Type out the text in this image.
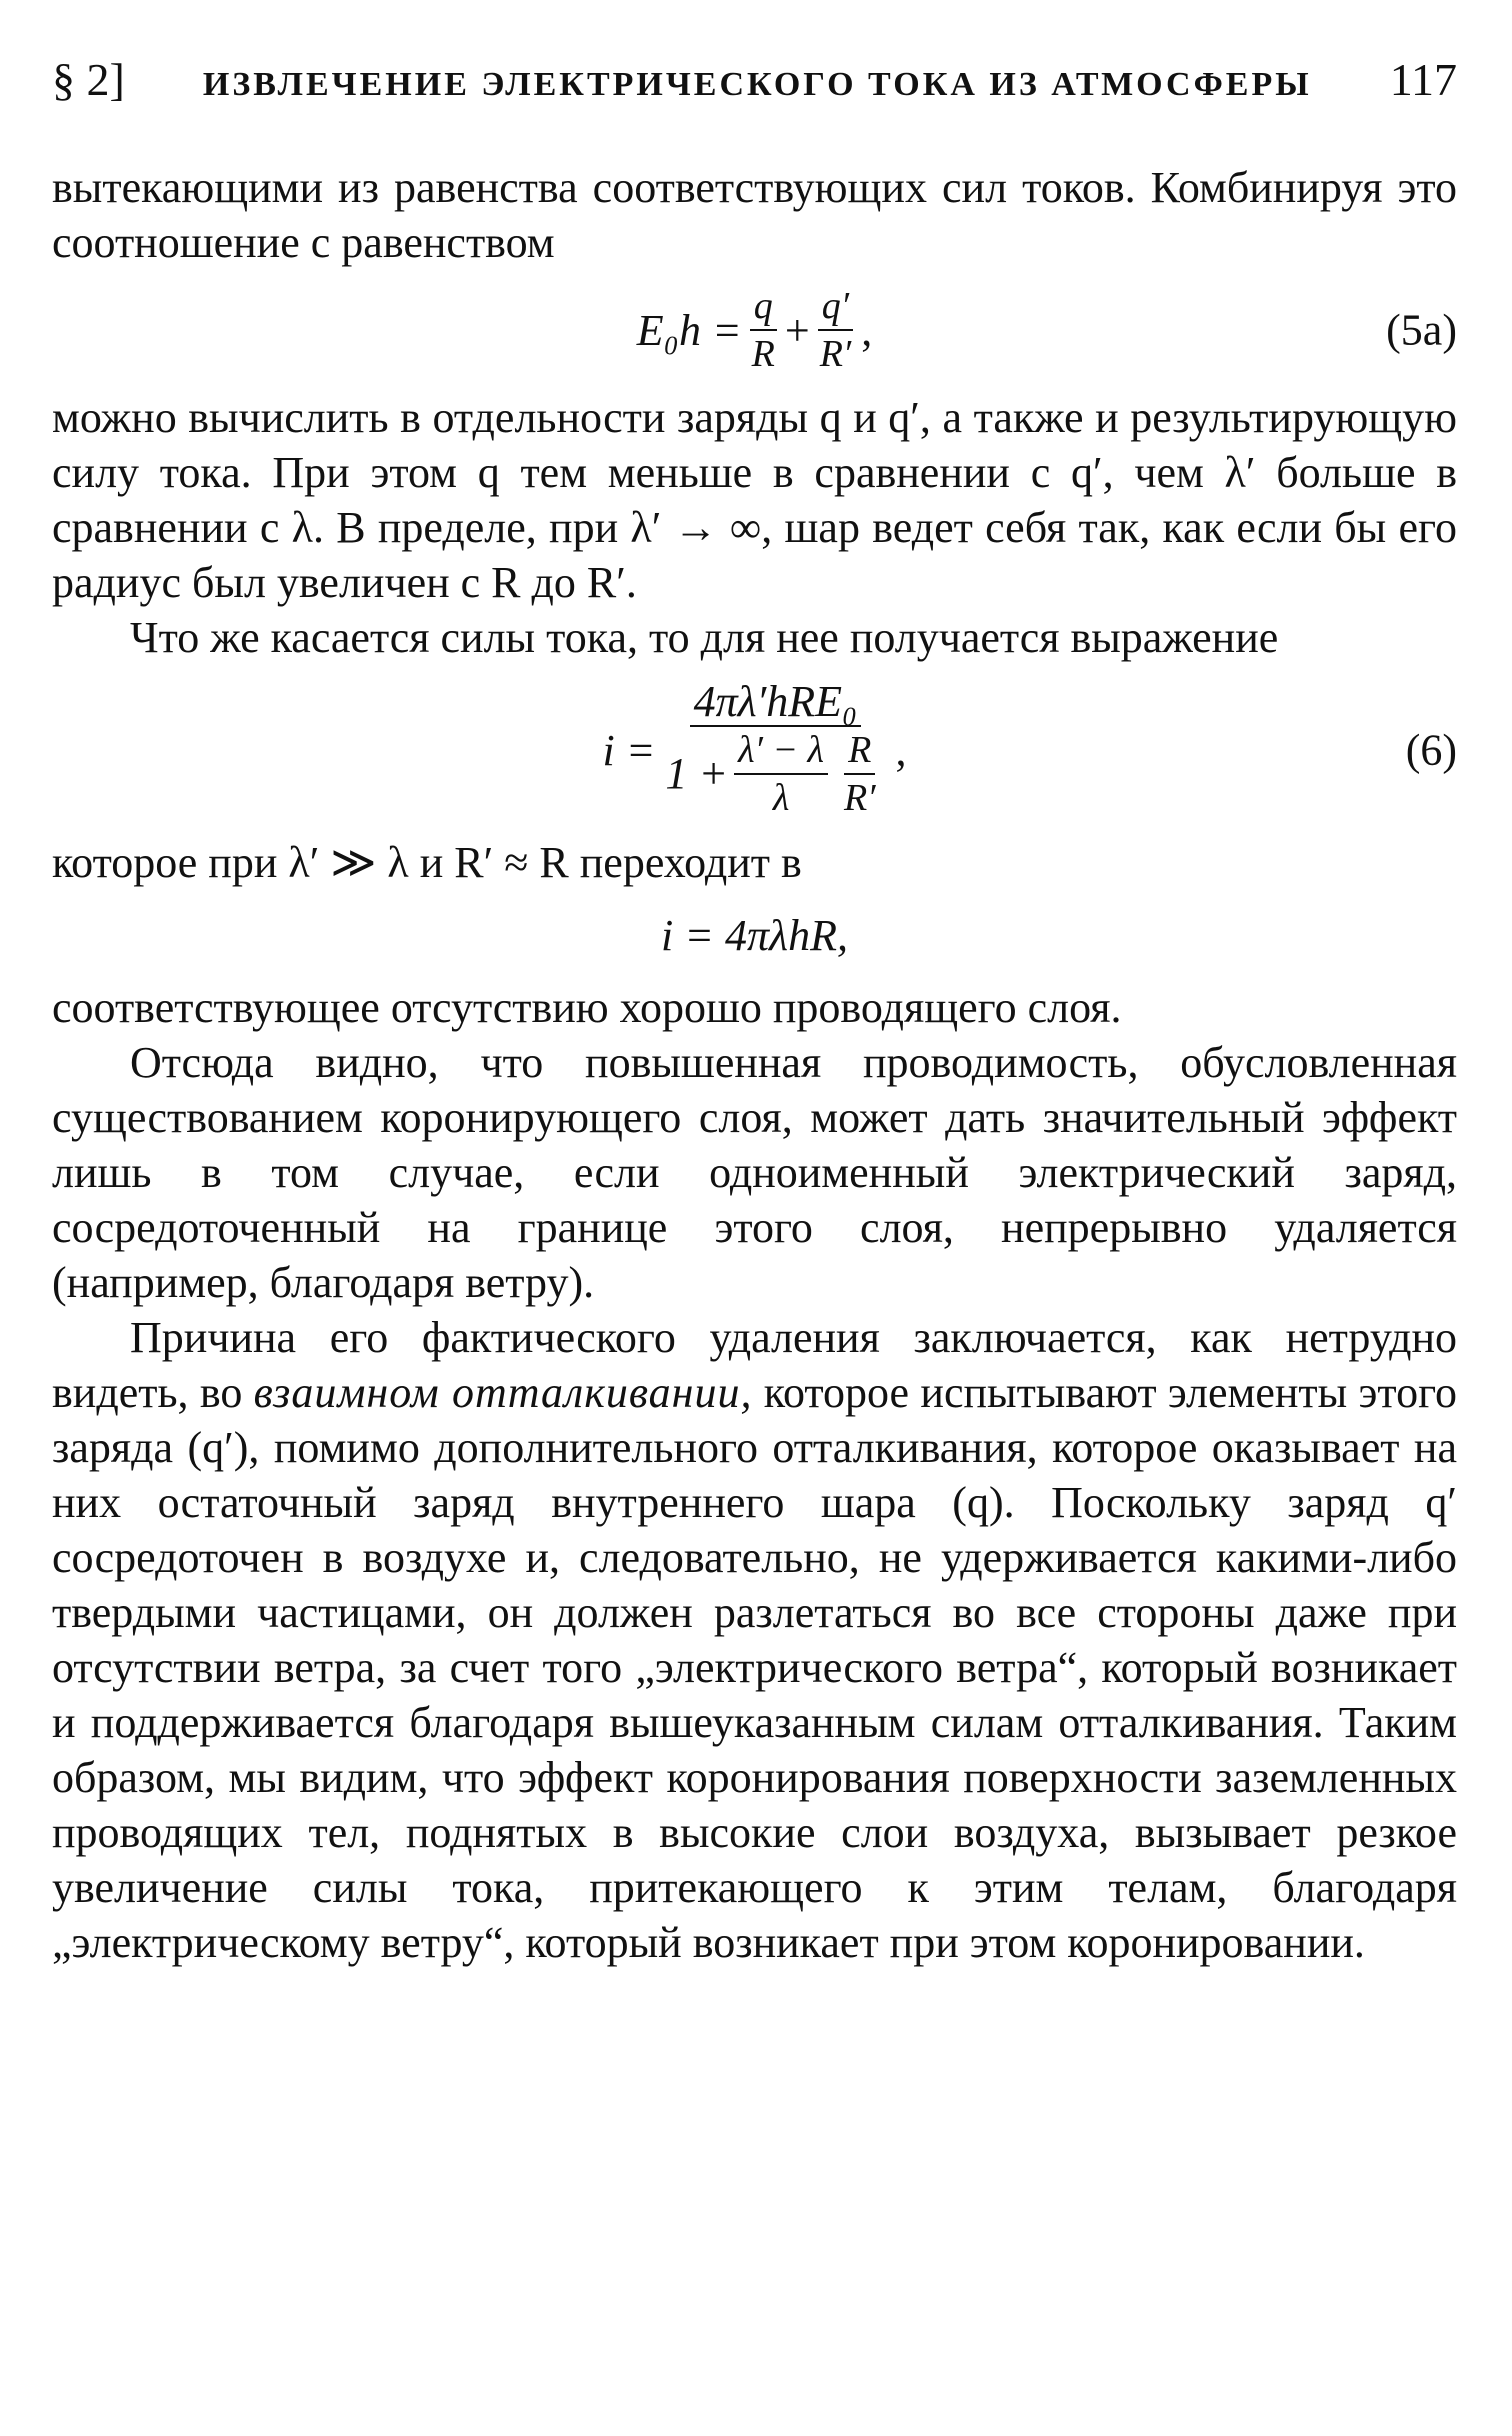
§ 2] ИЗВЛЕЧЕНИЕ ЭЛЕКТРИЧЕСКОГО ТОКА ИЗ АТМОСФЕРЫ 117

вытекающими из равенства соответствующих сил токов. Комбинируя это соотношение с равенством

$E_0h = \frac{q}{R} + \frac{q'}{R'}$ ,	(5а)

можно вычислить в отдельности заряды q и q′, а также и результирующую силу тока. При этом q тем меньше в сравнении с q′, чем λ′ больше в сравнении с λ. В пределе, при λ′ → ∞, шар ведет себя так, как если бы его радиус был увеличен с R до R′.

Что же касается силы тока, то для нее получается выражение

i =
4πλ′hRE₀
$1 + \frac{\lambda' - \lambda}{\lambda} \frac{R}{R'}$ ,	(6)

которое при λ′ ≫ λ и R′ ≈ R переходит в

i = 4πλhR,

соответствующее отсутствию хорошо проводящего слоя.

Отсюда видно, что повышенная проводимость, обусловленная существованием коронирующего слоя, может дать значительный эффект лишь в том случае, если одноименный электрический заряд, сосредоточенный на границе этого слоя, непрерывно удаляется (например, благодаря ветру).

Причина его фактического удаления заключается, как нетрудно видеть, во взаимном отталкивании, которое испытывают элементы этого заряда (q′), помимо дополнительного отталкивания, которое оказывает на них остаточный заряд внутреннего шара (q). Поскольку заряд q′ сосредоточен в воздухе и, следовательно, не удерживается какими-либо твердыми частицами, он должен разлетаться во все стороны даже при отсутствии ветра, за счет того „электрического ветра“, который возникает и поддерживается благодаря вышеуказанным силам отталкивания. Таким образом, мы видим, что эффект коронирования поверхности заземленных проводящих тел, поднятых в высокие слои воздуха, вызывает резкое увеличение силы тока, притекающего к этим телам, благодаря „электрическому ветру“, который возникает при этом коронировании.
